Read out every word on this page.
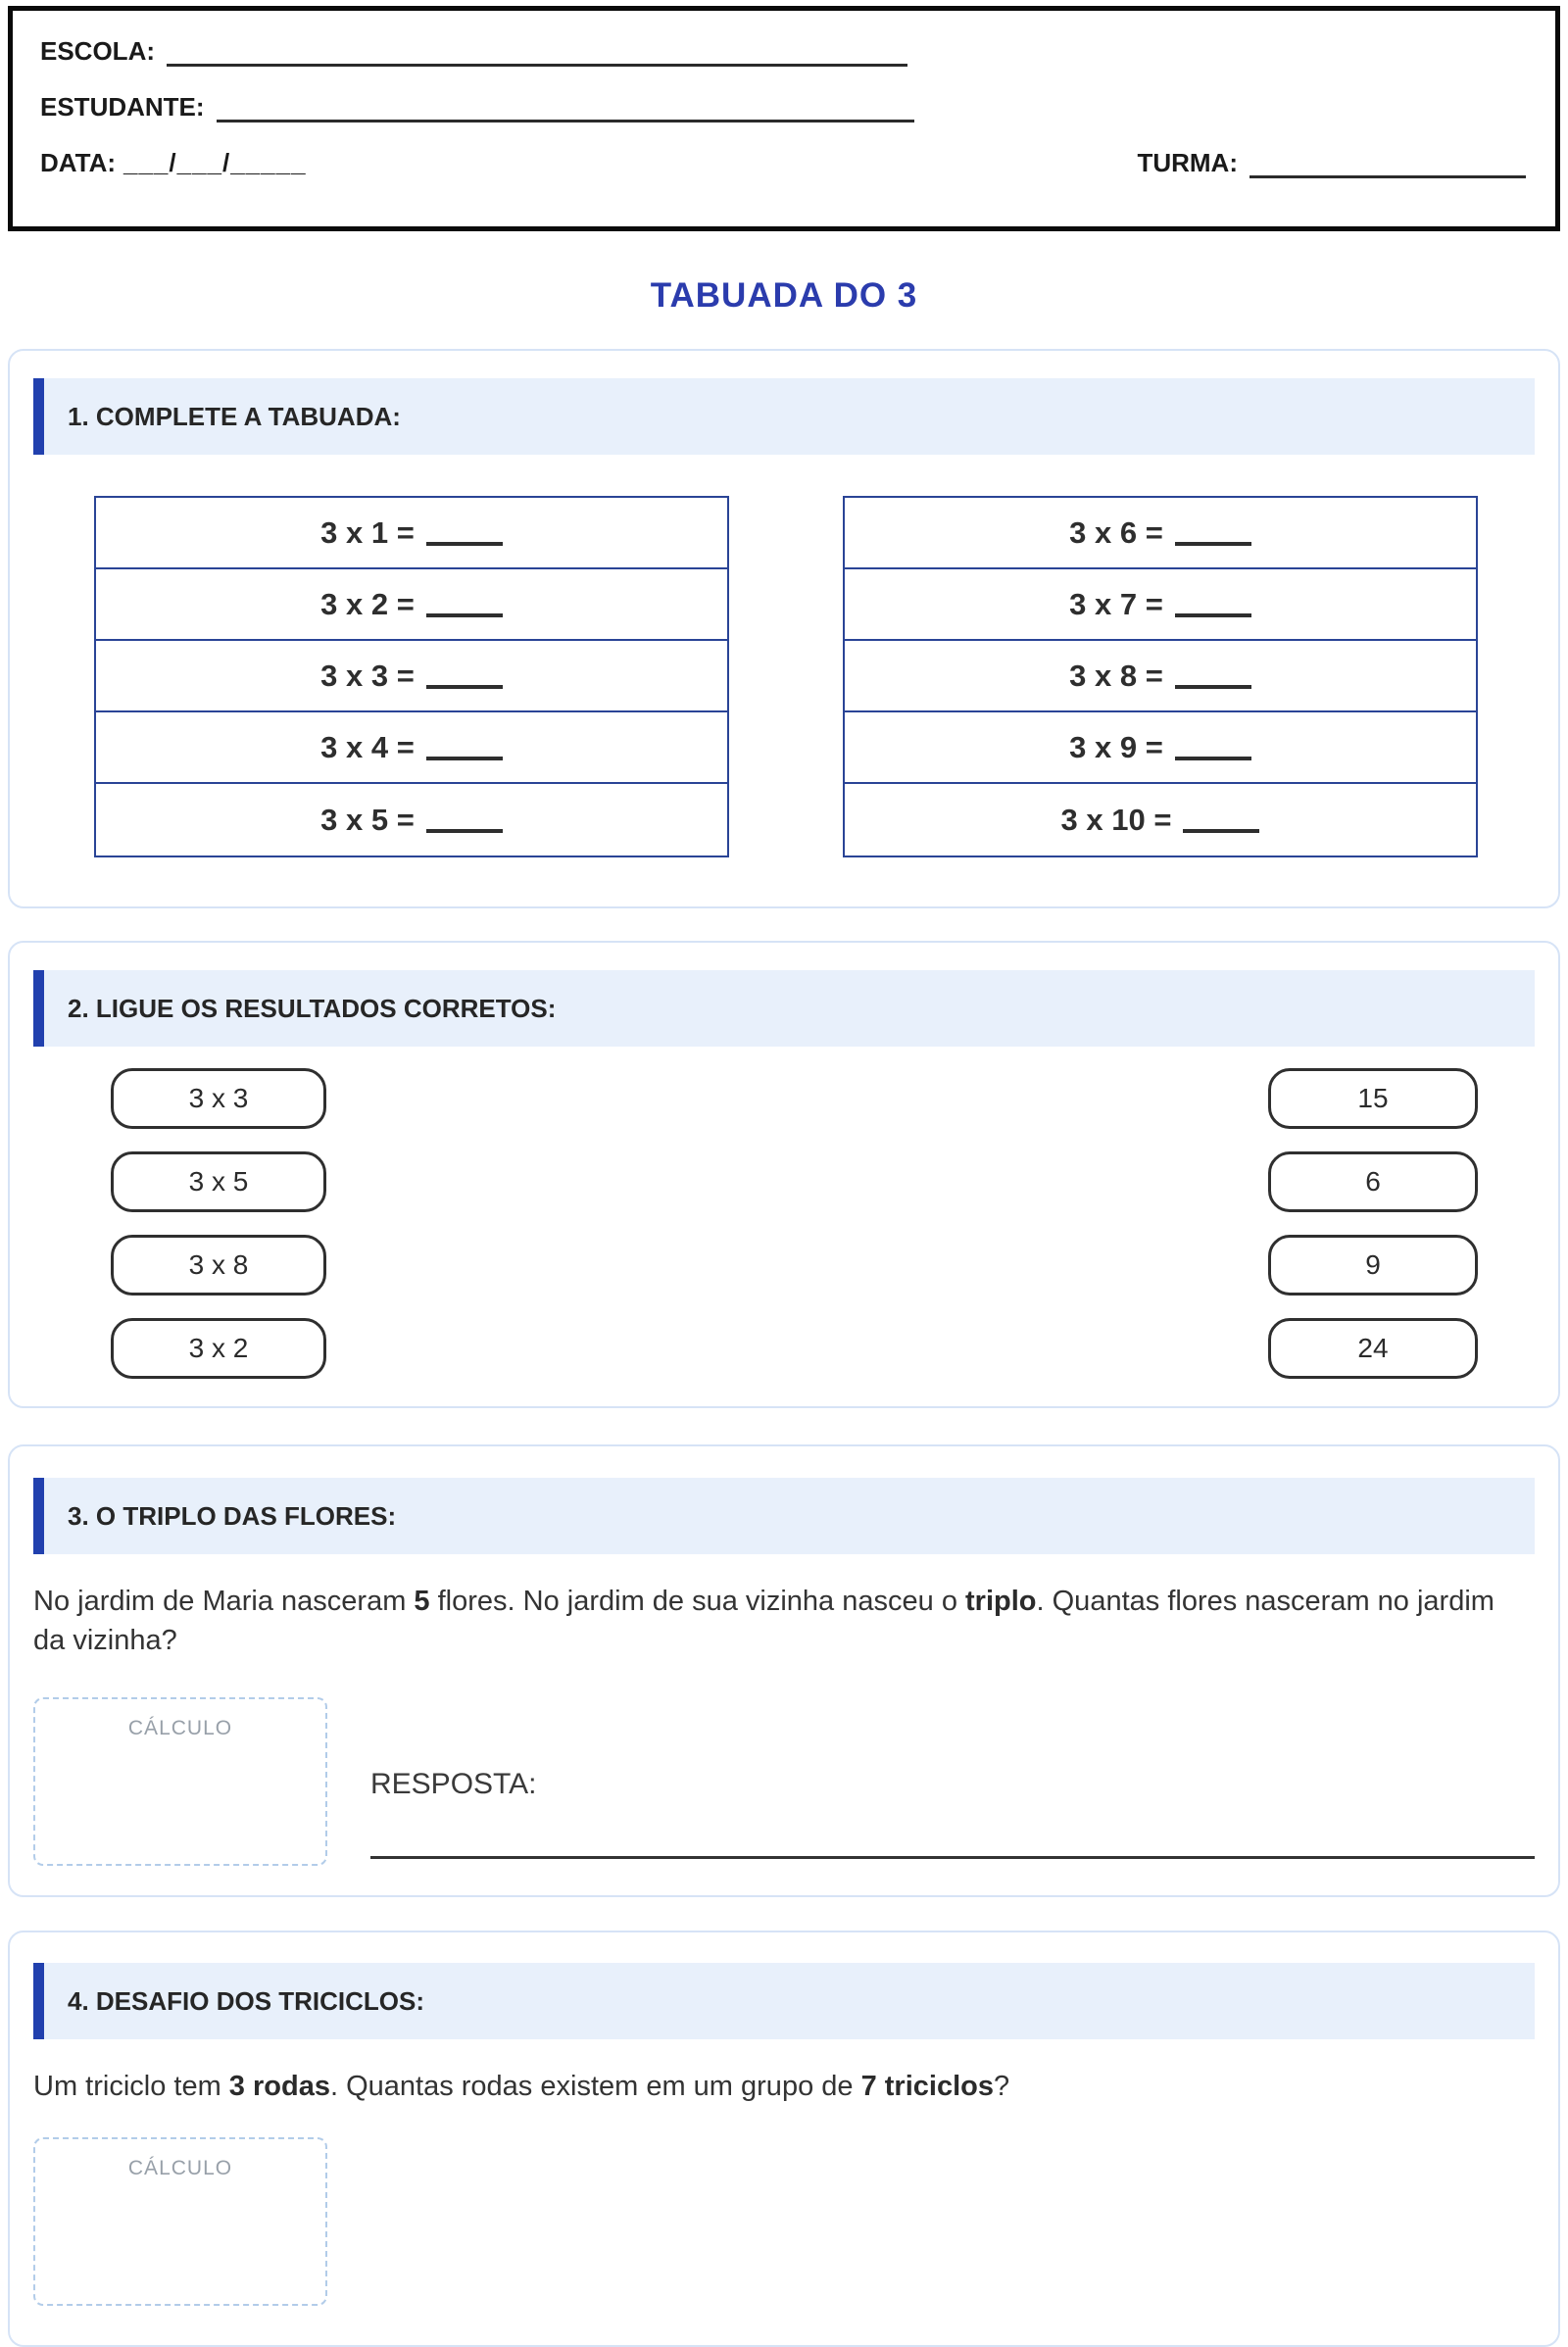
ESCOLA:
ESTUDANTE:
DATA: ___/___/_____	TURMA:
TABUADA DO 3
1. COMPLETE A TABUADA:
3 x 1 =
3 x 2 =
3 x 3 =
3 x 4 =
3 x 5 =
3 x 6 =
3 x 7 =
3 x 8 =
3 x 9 =
3 x 10 =
2. LIGUE OS RESULTADOS CORRETOS:
3 x 3	15
3 x 5	6
3 x 8	9
3 x 2	24
3. O TRIPLO DAS FLORES:
No jardim de Maria nasceram 5 flores. No jardim de sua vizinha nasceu o triplo. Quantas flores nasceram no jardim da vizinha?
CÁLCULO
RESPOSTA:
4. DESAFIO DOS TRICICLOS:
Um triciclo tem 3 rodas. Quantas rodas existem em um grupo de 7 triciclos?
CÁLCULO
